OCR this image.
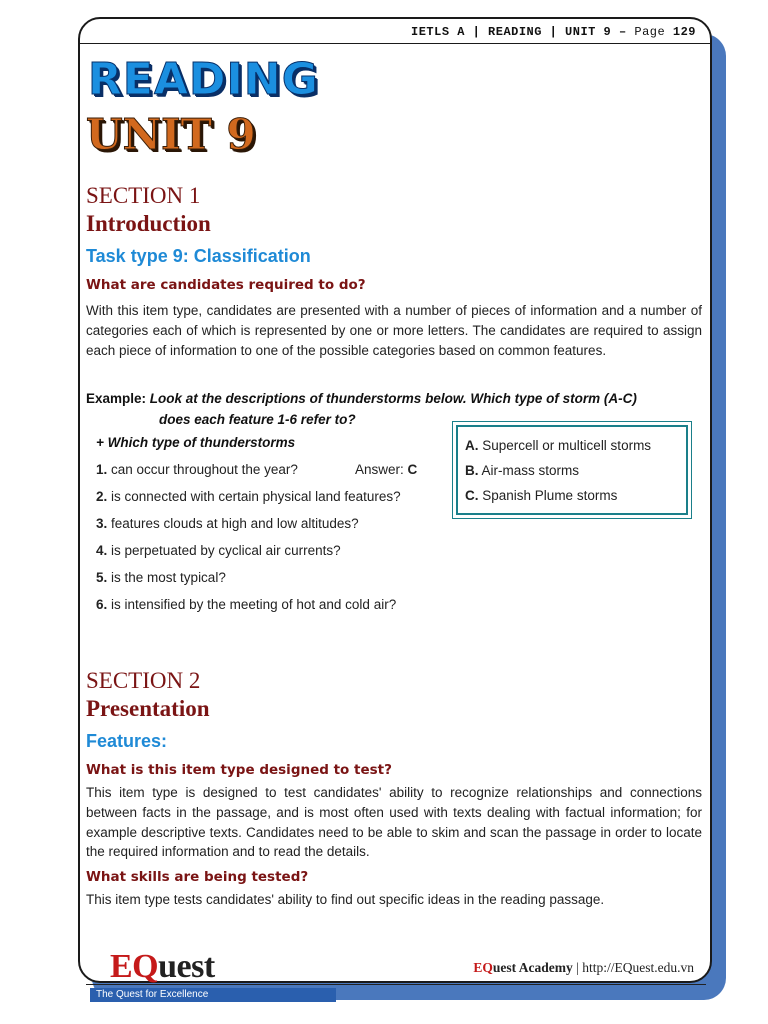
IETLS A | READING | UNIT 9 – Page 129
READING
UNIT 9
SECTION 1
Introduction
Task type 9: Classification
What are candidates required to do?
With this item type, candidates are presented with a number of pieces of information and a number of categories each of which is represented by one or more letters. The candidates are required to assign each piece of information to one of the possible categories based on common features.
Example: Look at the descriptions of thunderstorms below. Which type of storm (A-C)
does each feature 1-6 refer to?
+ Which type of thunderstorms
1. can occur throughout the year?	Answer: C
2. is connected with certain physical land features?
3. features clouds at high and low altitudes?
4. is perpetuated by cyclical air currents?
5. is the most typical?
6. is intensified by the meeting of hot and cold air?
A. Supercell or multicell storms
B. Air-mass storms
C. Spanish Plume storms
SECTION 2
Presentation
Features:
What is this item type designed to test?
This item type is designed to test candidates' ability to recognize relationships and connections between facts in the passage, and is most often used with texts dealing with factual information; for example descriptive texts. Candidates need to be able to skim and scan the passage in order to locate the required information and to read the details.
What skills are being tested?
This item type tests candidates' ability to find out specific ideas in the reading passage.
EQuest
The Quest for Excellence
EQuest Academy | http://EQuest.edu.vn
